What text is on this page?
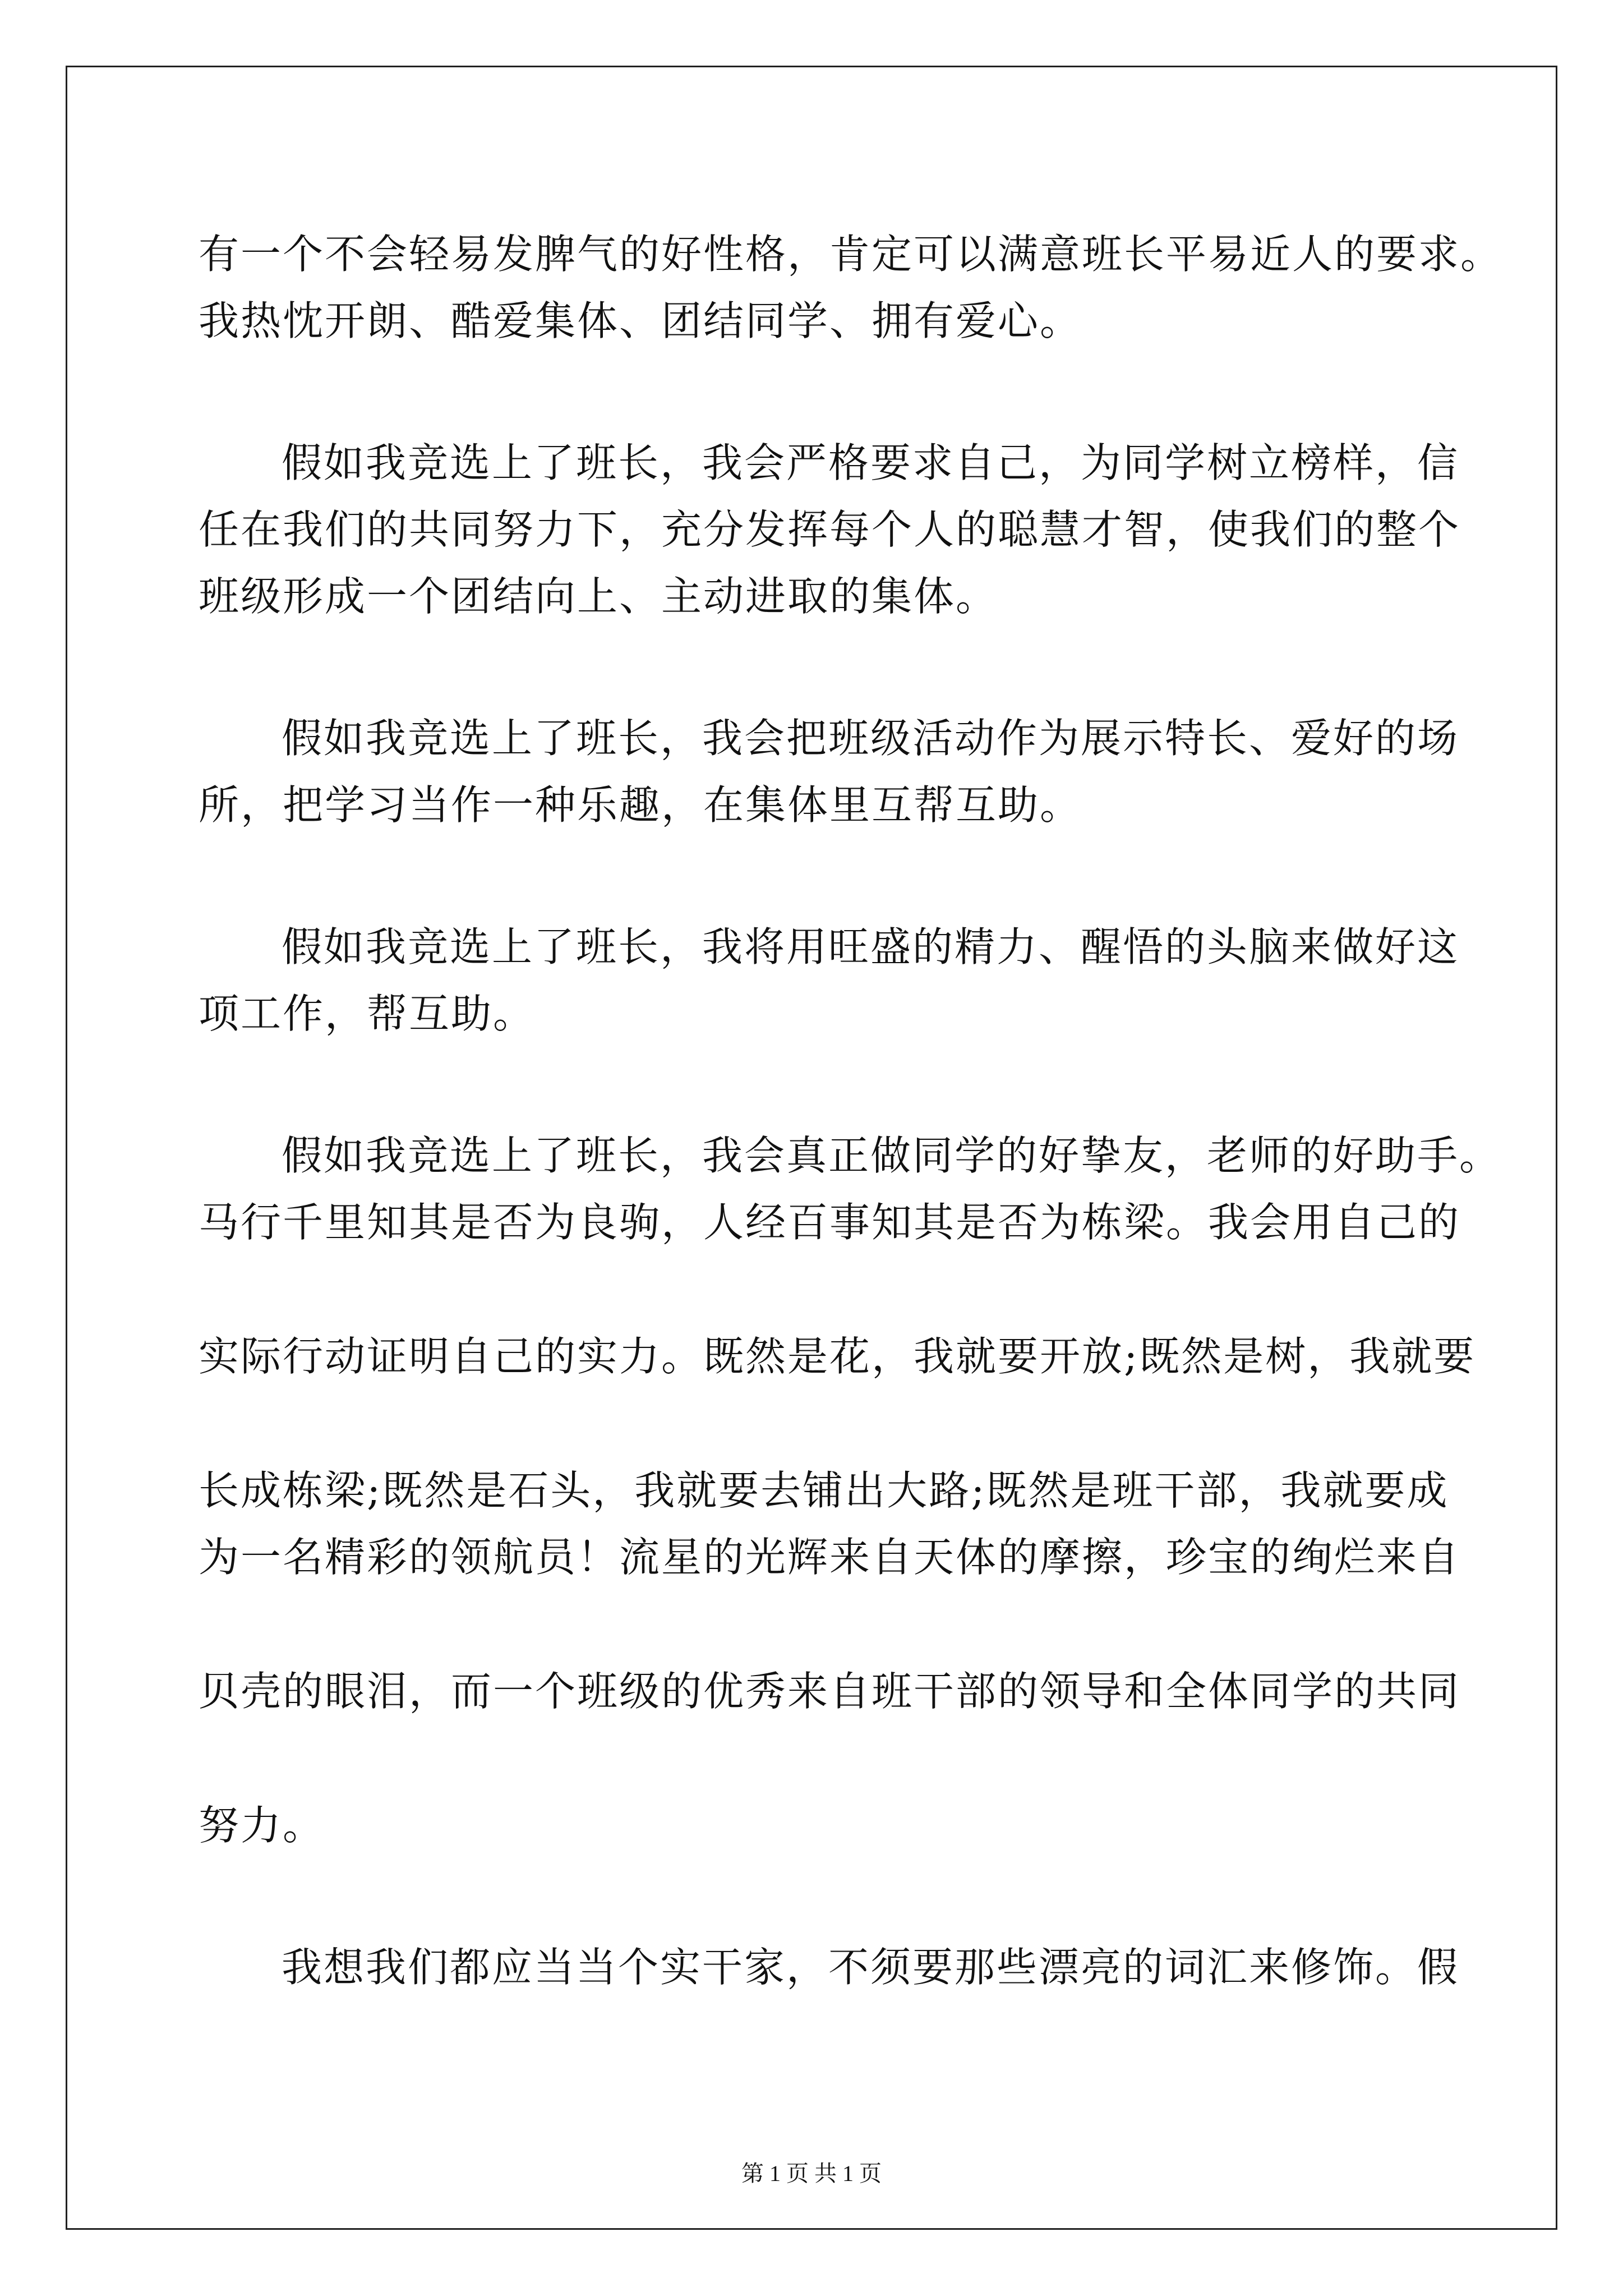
有一个不会轻易发脾气的好性格，肯定可以满意班长平易近人的要求。
我热忱开朗、酷爱集体、团结同学、拥有爱心。
假如我竞选上了班长，我会严格要求自己，为同学树立榜样，信
任在我们的共同努力下，充分发挥每个人的聪慧才智，使我们的整个
班级形成一个团结向上、主动进取的集体。
假如我竞选上了班长，我会把班级活动作为展示特长、爱好的场
所，把学习当作一种乐趣，在集体里互帮互助。
假如我竞选上了班长，我将用旺盛的精力、醒悟的头脑来做好这
项工作，帮互助。
假如我竞选上了班长，我会真正做同学的好挚友，老师的好助手。
马行千里知其是否为良驹，人经百事知其是否为栋梁。我会用自己的
实际行动证明自己的实力。既然是花，我就要开放;既然是树，我就要
长成栋梁;既然是石头，我就要去铺出大路;既然是班干部，我就要成
为一名精彩的领航员！流星的光辉来自天体的摩擦，珍宝的绚烂来自
贝壳的眼泪，而一个班级的优秀来自班干部的领导和全体同学的共同
努力。
我想我们都应当当个实干家，不须要那些漂亮的词汇来修饰。假
第 1 页 共 1 页
